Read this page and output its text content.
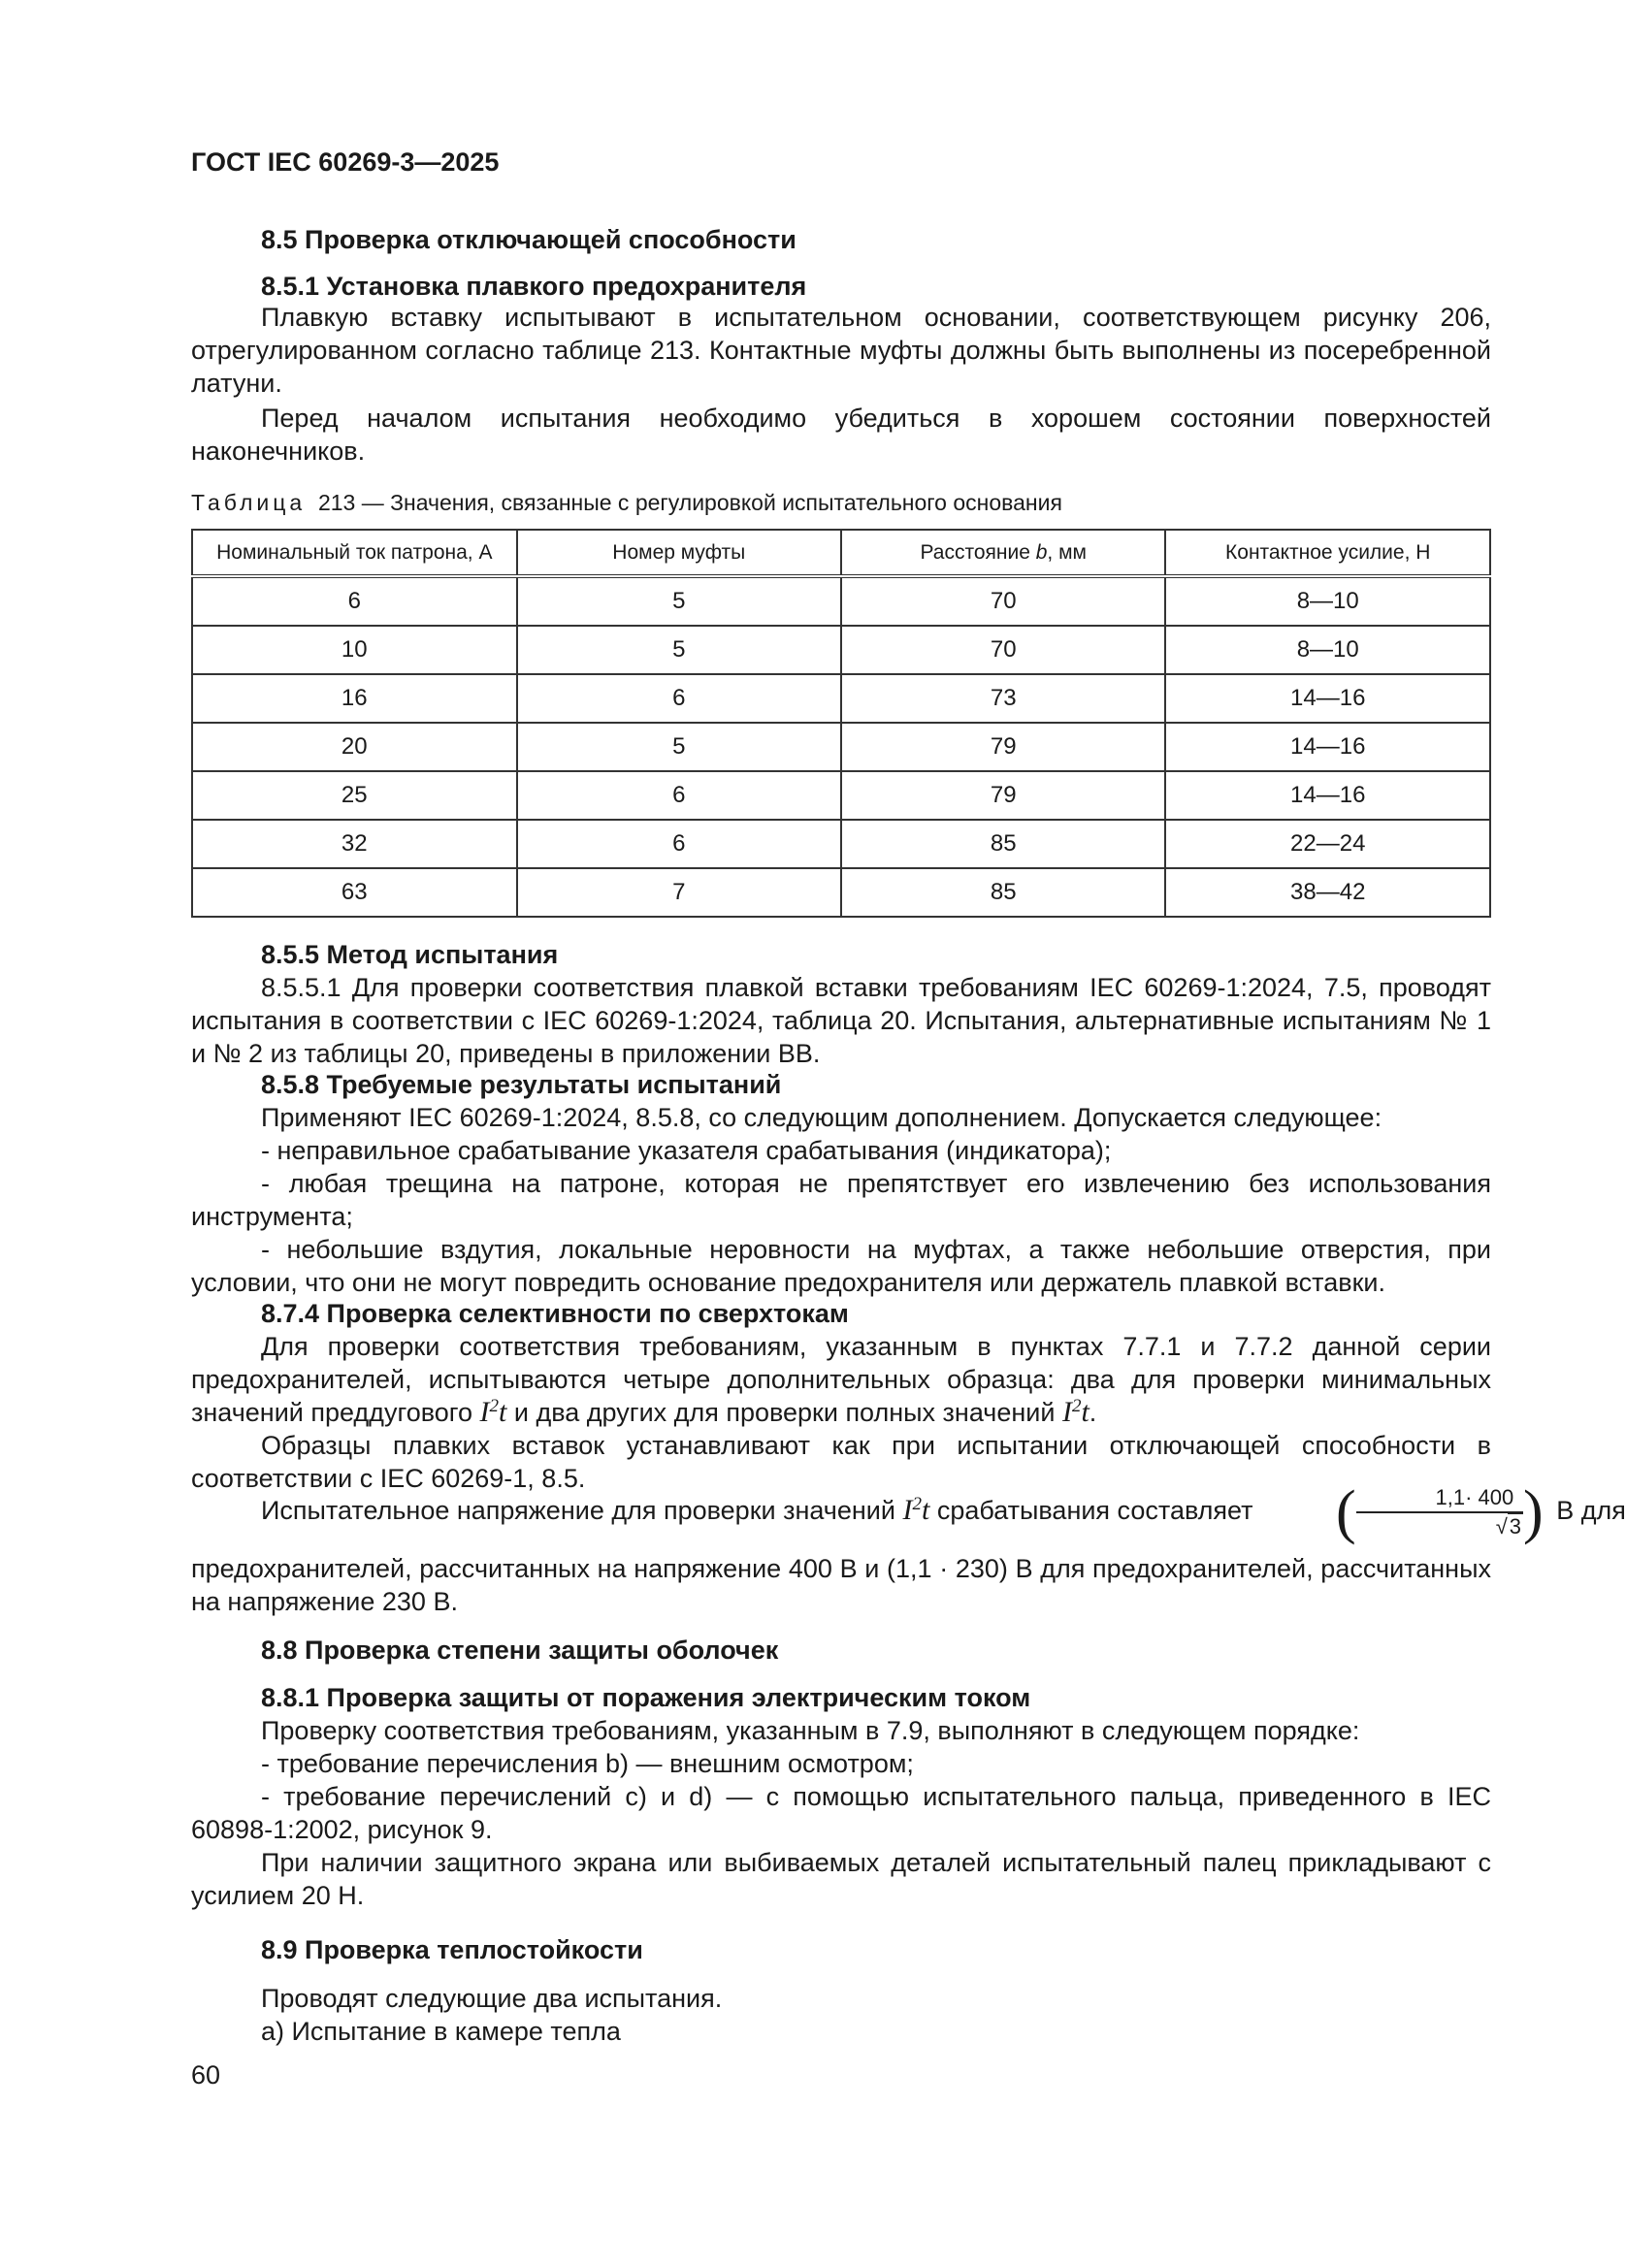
ГОСТ IEC 60269-3—2025
8.5 Проверка отключающей способности
8.5.1 Установка плавкого предохранителя

Плавкую вставку испытывают в испытательном основании, соответствующем рисунку 206, отрегулированном согласно таблице 213. Контактные муфты должны быть выполнены из посеребренной латуни.

Перед началом испытания необходимо убедиться в хорошем состоянии поверхностей наконечников.

Таблица 213 — Значения, связанные с регулировкой испытательного основания

Номинальный ток патрона, А	Номер муфты	Расстояние b, мм	Контактное усилие, Н
6	5	70	8—10
10	5	70	8—10
16	6	73	14—16
20	5	79	14—16
25	6	79	14—16
32	6	85	22—24
63	7	85	38—42
8.5.5 Метод испытания

8.5.5.1 Для проверки соответствия плавкой вставки требованиям IEC 60269-1:2024, 7.5, проводят испытания в соответствии с IEC 60269-1:2024, таблица 20. Испытания, альтернативные испытаниям № 1 и № 2 из таблицы 20, приведены в приложении ВВ.

8.5.8 Требуемые результаты испытаний

Применяют IEC 60269-1:2024, 8.5.8, со следующим дополнением. Допускается следующее:

- неправильное срабатывание указателя срабатывания (индикатора);

- любая трещина на патроне, которая не препятствует его извлечению без использования инструмента;

- небольшие вздутия, локальные неровности на муфтах, а также небольшие отверстия, при условии, что они не могут повредить основание предохранителя или держатель плавкой вставки.

8.7.4 Проверка селективности по сверхтокам

Для проверки соответствия требованиям, указанным в пунктах 7.7.1 и 7.7.2 данной серии предохранителей, испытываются четыре дополнительных образца: два для проверки минимальных значений преддугового $I^2t$ и два других для проверки полных значений $I^2t$.

Образцы плавких вставок устанавливают как при испытании отключающей способности в соответствии с IEC 60269-1, 8.5.

Испытательное напряжение для проверки значений $I^2t$ срабатывания составляет ( $\frac{1,1\cdot 400}{√3}$ ) В для

предохранителей, рассчитанных на напряжение 400 В и (1,1 · 230) В для предохранителей, рассчитанных на напряжение 230 В.

8.8 Проверка степени защиты оболочек
8.8.1 Проверка защиты от поражения электрическим током

Проверку соответствия требованиям, указанным в 7.9, выполняют в следующем порядке:

- требование перечисления b) — внешним осмотром;

- требование перечислений c) и d) — с помощью испытательного пальца, приведенного в IEC 60898-1:2002, рисунок 9.

При наличии защитного экрана или выбиваемых деталей испытательный палец прикладывают с усилием 20 Н.

8.9 Проверка теплостойкости

Проводят следующие два испытания.

а) Испытание в камере тепла

60
